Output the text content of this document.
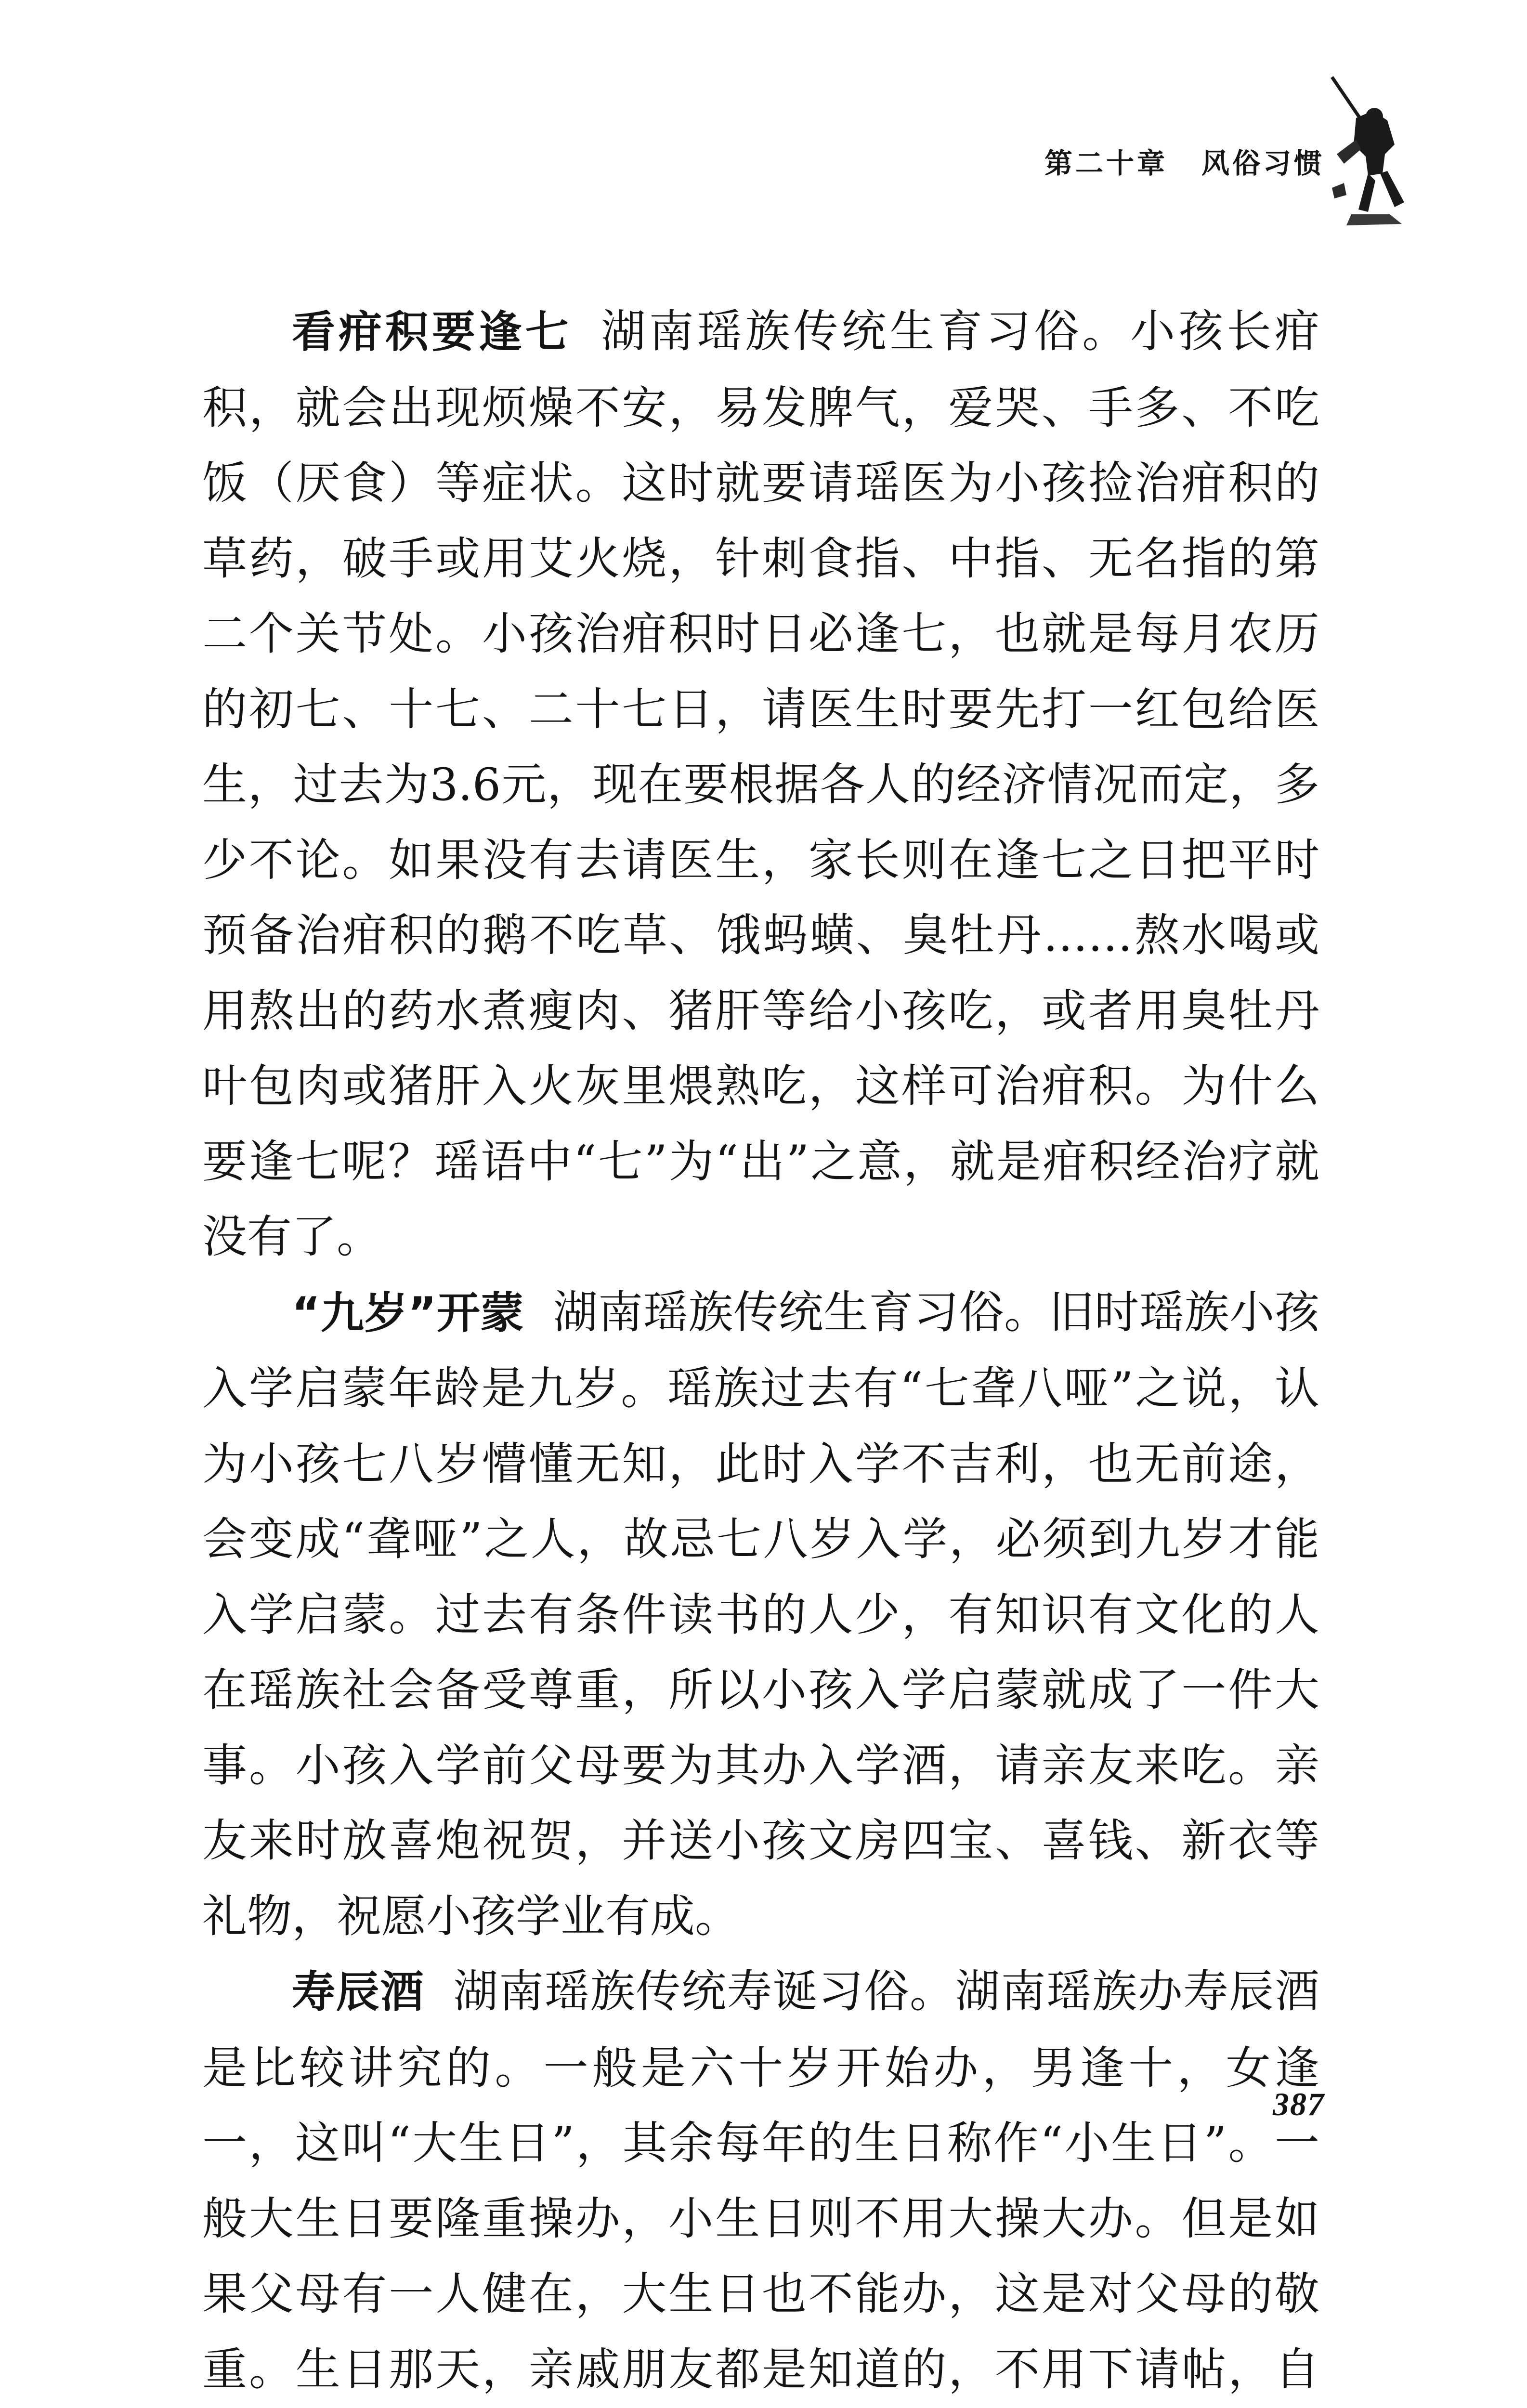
第二十章 风俗习惯

看疳积要逢七 湖南瑶族传统生育习俗。小孩长疳积，就会出现烦燥不安，易发脾气，爱哭、手多、不吃饭（厌食）等症状。这时就要请瑶医为小孩捡治疳积的草药，破手或用艾火烧，针刺食指、中指、无名指的第二个关节处。小孩治疳积时日必逢七，也就是每月农历的初七、十七、二十七日，请医生时要先打一红包给医生，过去为3.6元，现在要根据各人的经济情况而定，多少不论。如果没有去请医生，家长则在逢七之日把平时预备治疳积的鹅不吃草、饿蚂蟥、臭牡丹……熬水喝或用熬出的药水煮瘦肉、猪肝等给小孩吃，或者用臭牡丹叶包肉或猪肝入火灰里煨熟吃，这样可治疳积。为什么要逢七呢？瑶语中“七”为“出”之意，就是疳积经治疗就没有了。

“九岁”开蒙 湖南瑶族传统生育习俗。旧时瑶族小孩入学启蒙年龄是九岁。瑶族过去有“七聋八哑”之说，认为小孩七八岁懵懂无知，此时入学不吉利，也无前途，会变成“聋哑”之人，故忌七八岁入学，必须到九岁才能入学启蒙。过去有条件读书的人少，有知识有文化的人在瑶族社会备受尊重，所以小孩入学启蒙就成了一件大事。小孩入学前父母要为其办入学酒，请亲友来吃。亲友来时放喜炮祝贺，并送小孩文房四宝、喜钱、新衣等礼物，祝愿小孩学业有成。

寿辰酒 湖南瑶族传统寿诞习俗。湖南瑶族办寿辰酒是比较讲究的。一般是六十岁开始办，男逢十，女逢一，这叫“大生日”，其余每年的生日称作“小生日”。一般大生日要隆重操办，小生日则不用大操大办。但是如果父母有一人健在，大生日也不能办，这是对父母的敬重。生日那天，亲戚朋友都是知道的，不用下请帖，自

387
